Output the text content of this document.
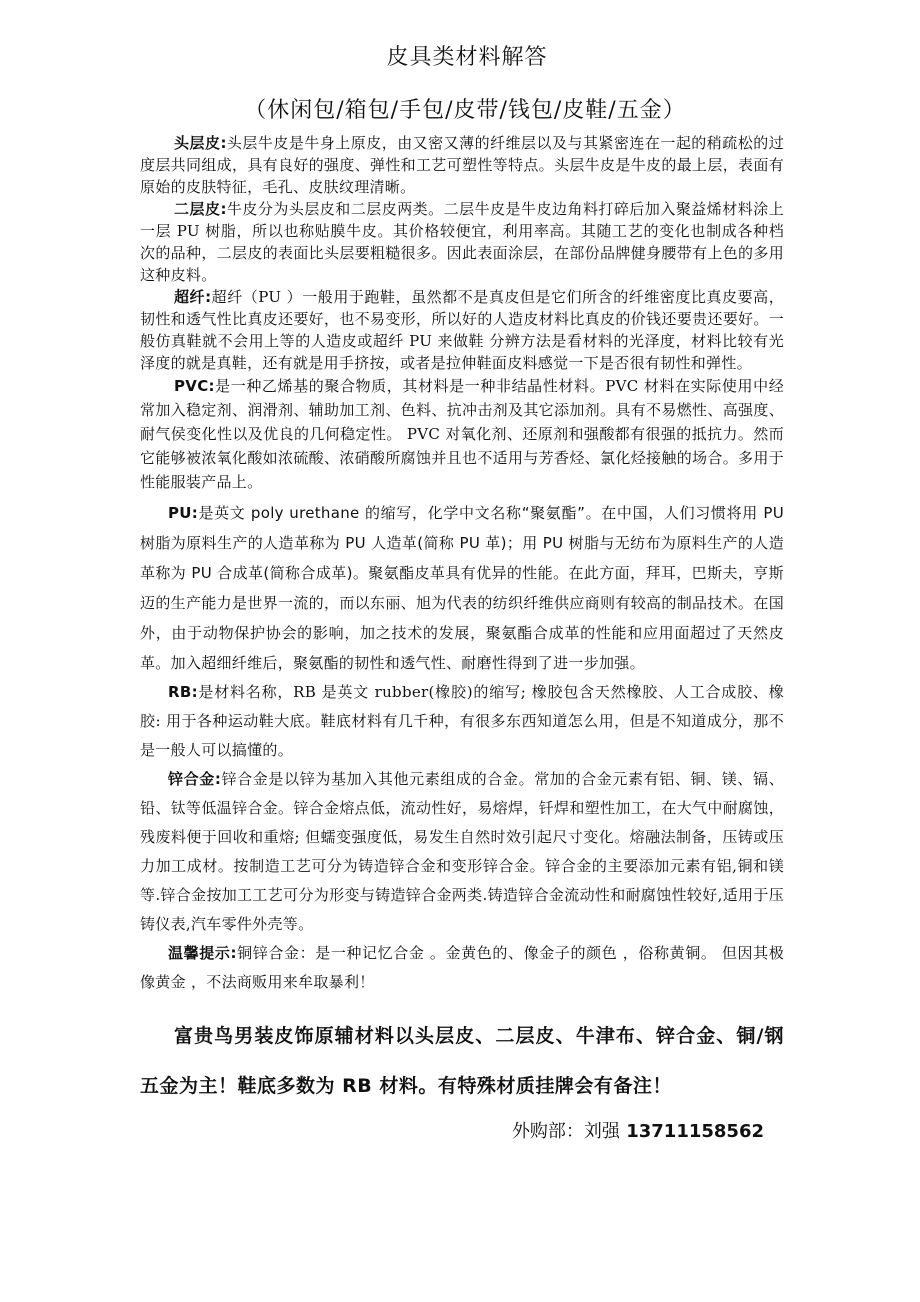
皮具类材料解答
（休闲包/箱包/手包/皮带/钱包/皮鞋/五金）

头层皮:头层牛皮是牛身上原皮，由又密又薄的纤维层以及与其紧密连在一起的稍疏松的过度层共同组成，具有良好的强度、弹性和工艺可塑性等特点。头层牛皮是牛皮的最上层，表面有原始的皮肤特征，毛孔、皮肤纹理清晰。

二层皮:牛皮分为头层皮和二层皮两类。二层牛皮是牛皮边角料打碎后加入聚益烯材料涂上一层 PU 树脂，所以也称贴膜牛皮。其价格较便宜，利用率高。其随工艺的变化也制成各种档次的品种，二层皮的表面比头层要粗糙很多。因此表面涂层，在部份品牌健身腰带有上色的多用这种皮料。

超纤:超纤（PU ）一般用于跑鞋，虽然都不是真皮但是它们所含的纤维密度比真皮要高，韧性和透气性比真皮还要好，也不易变形，所以好的人造皮材料比真皮的价钱还要贵还要好。一般仿真鞋就不会用上等的人造皮或超纤 PU 来做鞋 分辨方法是看材料的光泽度，材料比较有光泽度的就是真鞋，还有就是用手挤按，或者是拉伸鞋面皮料感觉一下是否很有韧性和弹性。

PVC:是一种乙烯基的聚合物质，其材料是一种非结晶性材料。PVC 材料在实际使用中经常加入稳定剂、润滑剂、辅助加工剂、色料、抗冲击剂及其它添加剂。具有不易燃性、高强度、耐气侯变化性以及优良的几何稳定性。 PVC 对氧化剂、还原剂和强酸都有很强的抵抗力。然而它能够被浓氧化酸如浓硫酸、浓硝酸所腐蚀并且也不适用与芳香烃、氯化烃接触的场合。多用于性能服装产品上。

PU:是英文 poly urethane 的缩写，化学中文名称“聚氨酯”。在中国，人们习惯将用 PU 树脂为原料生产的人造革称为 PU 人造革(简称 PU 革)；用 PU 树脂与无纺布为原料生产的人造革称为 PU 合成革(简称合成革)。聚氨酯皮革具有优异的性能。在此方面，拜耳，巴斯夫，亨斯迈的生产能力是世界一流的，而以东丽、旭为代表的纺织纤维供应商则有较高的制品技术。在国外，由于动物保护协会的影响，加之技术的发展，聚氨酯合成革的性能和应用面超过了天然皮革。加入超细纤维后，聚氨酯的韧性和透气性、耐磨性得到了进一步加强。

RB:是材料名称，RB 是英文 rubber(橡胶)的缩写; 橡胶包含天然橡胶、人工合成胶、橡胶: 用于各种运动鞋大底。鞋底材料有几千种，有很多东西知道怎么用，但是不知道成分，那不是一般人可以搞懂的。

锌合金:锌合金是以锌为基加入其他元素组成的合金。常加的合金元素有铝、铜、镁、镉、铅、钛等低温锌合金。锌合金熔点低，流动性好，易熔焊，钎焊和塑性加工，在大气中耐腐蚀，残废料便于回收和重熔; 但蠕变强度低，易发生自然时效引起尺寸变化。熔融法制备，压铸或压力加工成材。按制造工艺可分为铸造锌合金和变形锌合金。锌合金的主要添加元素有铝,铜和镁等.锌合金按加工工艺可分为形变与铸造锌合金两类.铸造锌合金流动性和耐腐蚀性较好,适用于压铸仪表,汽车零件外壳等。

温馨提示:铜锌合金：是一种记忆合金 。金黄色的、像金子的颜色 ，俗称黄铜。 但因其极像黄金 ，不法商贩用来牟取暴利！

富贵鸟男装皮饰原辅材料以头层皮、二层皮、牛津布、锌合金、铜/钢五金为主！鞋底多数为 RB 材料。有特殊材质挂牌会有备注！
外购部：刘强 13711158562
